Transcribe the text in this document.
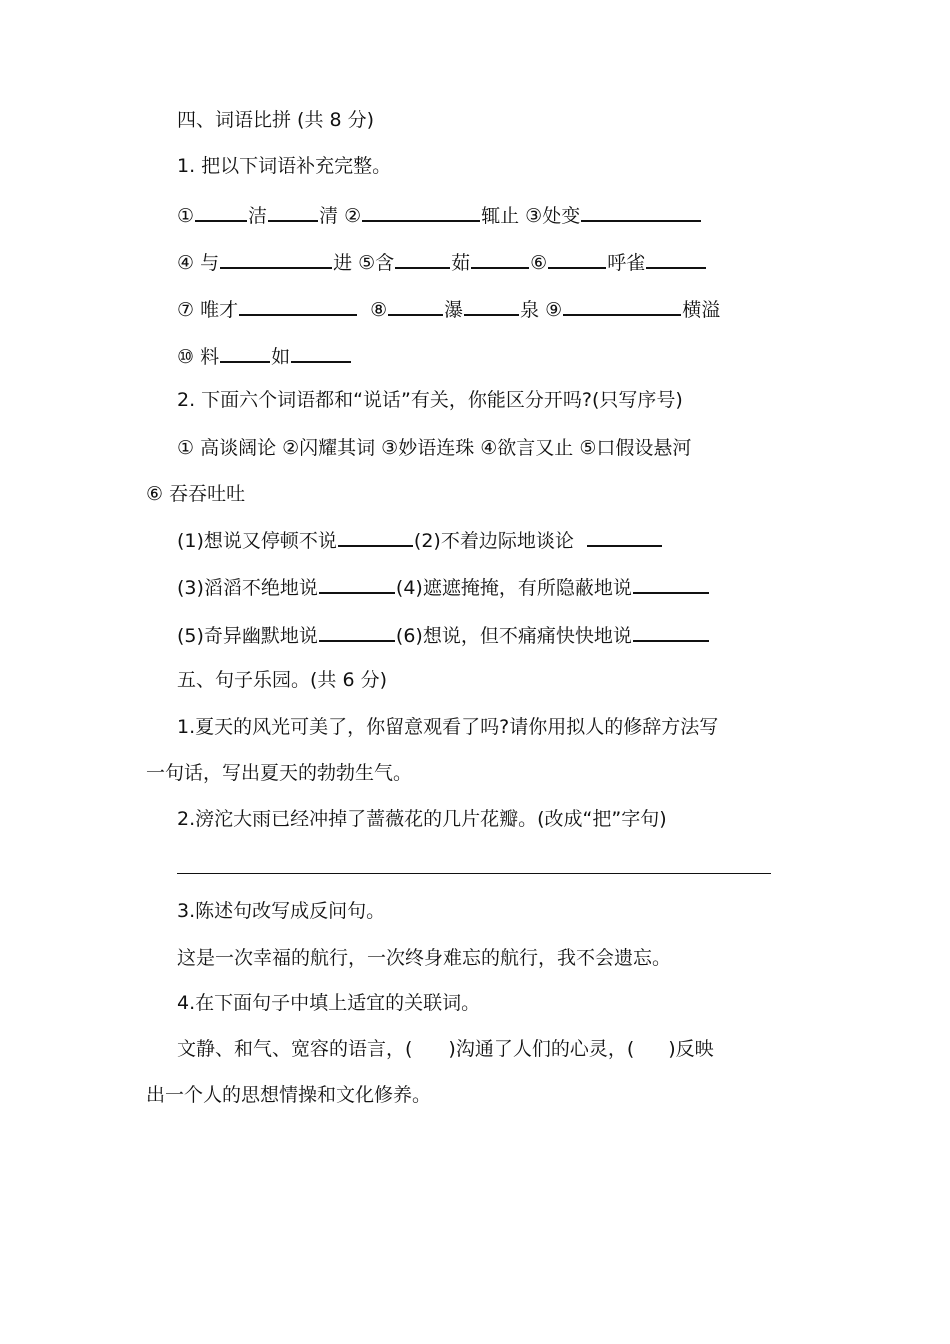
四、词语比拼 (共 8 分)
1. 把以下词语补充完整。
①	洁	清 ②	辄止 ③处变
④ 与	进 ⑤含	茹	⑥	呼雀
⑦ 唯才	⑧	瀑	泉 ⑨	横溢
⑩ 料	如
2. 下面六个词语都和“说话”有关，你能区分开吗?(只写序号)
① 高谈阔论 ②闪耀其词 ③妙语连珠 ④欲言又止 ⑤口假设悬河
⑥ 吞吞吐吐
(1)想说又停顿不说	(2)不着边际地谈论
(3)滔滔不绝地说	(4)遮遮掩掩，有所隐蔽地说
(5)奇异幽默地说	(6)想说，但不痛痛快快地说
五、句子乐园。(共 6 分)
1.夏天的风光可美了，你留意观看了吗?请你用拟人的修辞方法写
一句话，写出夏天的勃勃生气。
2.滂沱大雨已经冲掉了蔷薇花的几片花瓣。(改成“把”字句)
3.陈述句改写成反问句。
这是一次幸福的航行，一次终身难忘的航行，我不会遗忘。
4.在下面句子中填上适宜的关联词。
文静、和气、宽容的语言，( )沟通了人们的心灵，( )反映
出一个人的思想情操和文化修养。
